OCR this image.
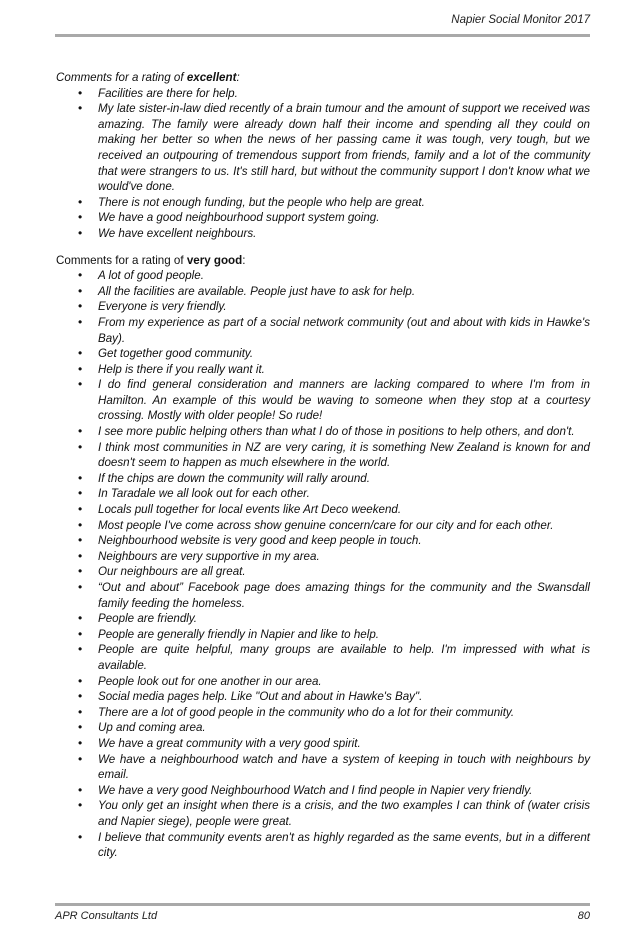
Napier Social Monitor 2017

Comments for a rating of excellent:

• Facilities are there for help.
• My late sister-in-law died recently of a brain tumour and the amount of support we received was amazing. The family were already down half their income and spending all they could on making her better so when the news of her passing came it was tough, very tough, but we received an outpouring of tremendous support from friends, family and a lot of the community that were strangers to us. It's still hard, but without the community support I don't know what we would've done.
• There is not enough funding, but the people who help are great.
• We have a good neighbourhood support system going.
• We have excellent neighbours.

Comments for a rating of very good:

• A lot of good people.
• All the facilities are available. People just have to ask for help.
• Everyone is very friendly.
• From my experience as part of a social network community (out and about with kids in Hawke's Bay).
• Get together good community.
• Help is there if you really want it.
• I do find general consideration and manners are lacking compared to where I'm from in Hamilton. An example of this would be waving to someone when they stop at a courtesy crossing. Mostly with older people! So rude!
• I see more public helping others than what I do of those in positions to help others, and don't.
• I think most communities in NZ are very caring, it is something New Zealand is known for and doesn't seem to happen as much elsewhere in the world.
• If the chips are down the community will rally around.
• In Taradale we all look out for each other.
• Locals pull together for local events like Art Deco weekend.
• Most people I've come across show genuine concern/care for our city and for each other.
• Neighbourhood website is very good and keep people in touch.
• Neighbours are very supportive in my area.
• Our neighbours are all great.
• “Out and about” Facebook page does amazing things for the community and the Swansdall family feeding the homeless.
• People are friendly.
• People are generally friendly in Napier and like to help.
• People are quite helpful, many groups are available to help. I'm impressed with what is available.
• People look out for one another in our area.
• Social media pages help. Like "Out and about in Hawke's Bay".
• There are a lot of good people in the community who do a lot for their community.
• Up and coming area.
• We have a great community with a very good spirit.
• We have a neighbourhood watch and have a system of keeping in touch with neighbours by email.
• We have a very good Neighbourhood Watch and I find people in Napier very friendly.
• You only get an insight when there is a crisis, and the two examples I can think of (water crisis and Napier siege), people were great.
• I believe that community events aren't as highly regarded as the same events, but in a different city.
APR Consultants Ltd	80
